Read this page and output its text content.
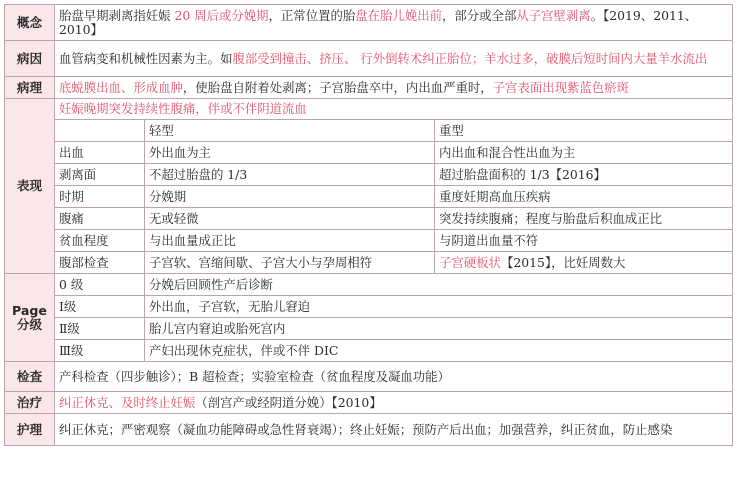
概念	胎盘早期剥离指妊娠 20 周后或分娩期，正常位置的胎盘在胎儿娩出前，部分或全部从子宫壁剥离。【2019、2011、2010】		
病因	血管病变和机械性因素为主。如腹部受到撞击、挤压、 行外倒转术纠正胎位；羊水过多，破膜后短时间内大量羊水流出		
病理	底蜕膜出血、形成血肿，使胎盘自附着处剥离；子宫胎盘卒中，内出血严重时，子宫表面出现紫蓝色瘀斑		
表现	妊娠晚期突发持续性腹痛，伴或不伴阴道流血		
		轻型	重型
	出血	外出血为主	内出血和混合性出血为主
	剥离面	不超过胎盘的 1/3	超过胎盘面积的 1/3【2016】
	时期	分娩期	重度妊期高血压疾病
	腹痛	无或轻微	突发持续腹痛；程度与胎盘后积血成正比
	贫血程度	与出血量成正比	与阴道出血量不符
	腹部检查	子宫软、宫缩间歇、子宫大小与孕周相符	子宫硬板状【2015】，比妊周数大
Page
分级	0 级	分娩后回顾性产后诊断	
	Ⅰ级	外出血，子宫软，无胎儿窘迫	
	Ⅱ级	胎儿宫内窘迫或胎死宫内	
	Ⅲ级	产妇出现休克症状，伴或不伴 DIC	
检查	产科检查（四步触诊）；B 超检查；实验室检查（贫血程度及凝血功能）		
治疗	纠正休克、及时终止妊娠（剖宫产或经阴道分娩）【2010】		
护理	纠正休克；严密观察（凝血功能障碍或急性肾衰竭）；终止妊娠；预防产后出血；加强营养，纠正贫血，防止感染		
